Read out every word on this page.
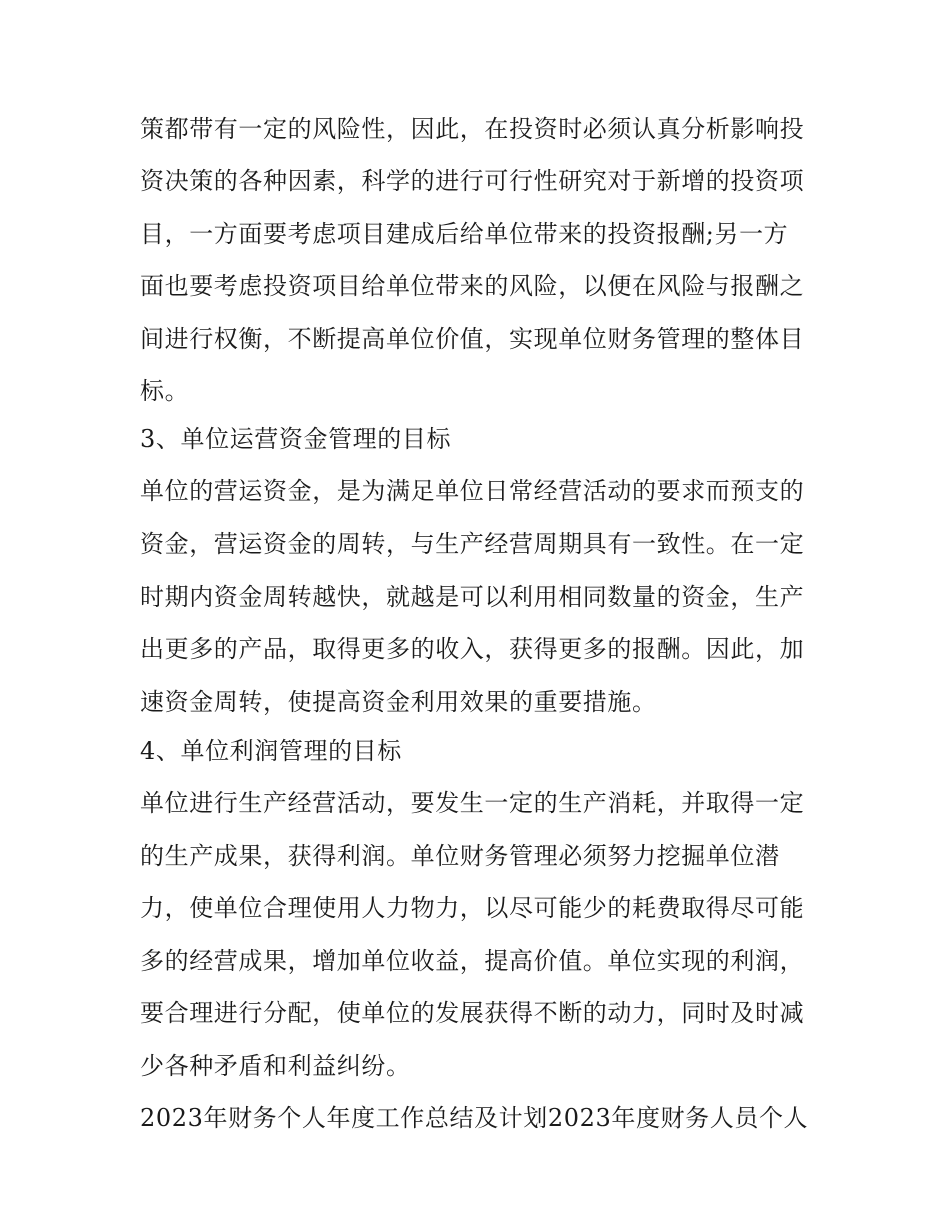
策都带有一定的风险性，因此，在投资时必须认真分析影响投
资决策的各种因素，科学的进行可行性研究对于新增的投资项
目，一方面要考虑项目建成后给单位带来的投资报酬;另一方
面也要考虑投资项目给单位带来的风险，以便在风险与报酬之
间进行权衡，不断提高单位价值，实现单位财务管理的整体目
标。
3、单位运营资金管理的目标
单位的营运资金，是为满足单位日常经营活动的要求而预支的
资金，营运资金的周转，与生产经营周期具有一致性。在一定
时期内资金周转越快，就越是可以利用相同数量的资金，生产
出更多的产品，取得更多的收入，获得更多的报酬。因此，加
速资金周转，使提高资金利用效果的重要措施。
4、单位利润管理的目标
单位进行生产经营活动，要发生一定的生产消耗，并取得一定
的生产成果，获得利润。单位财务管理必须努力挖掘单位潜
力，使单位合理使用人力物力，以尽可能少的耗费取得尽可能
多的经营成果，增加单位收益，提高价值。单位实现的利润，
要合理进行分配，使单位的发展获得不断的动力，同时及时减
少各种矛盾和利益纠纷。
2023年财务个人年度工作总结及计划2023年度财务人员个人
